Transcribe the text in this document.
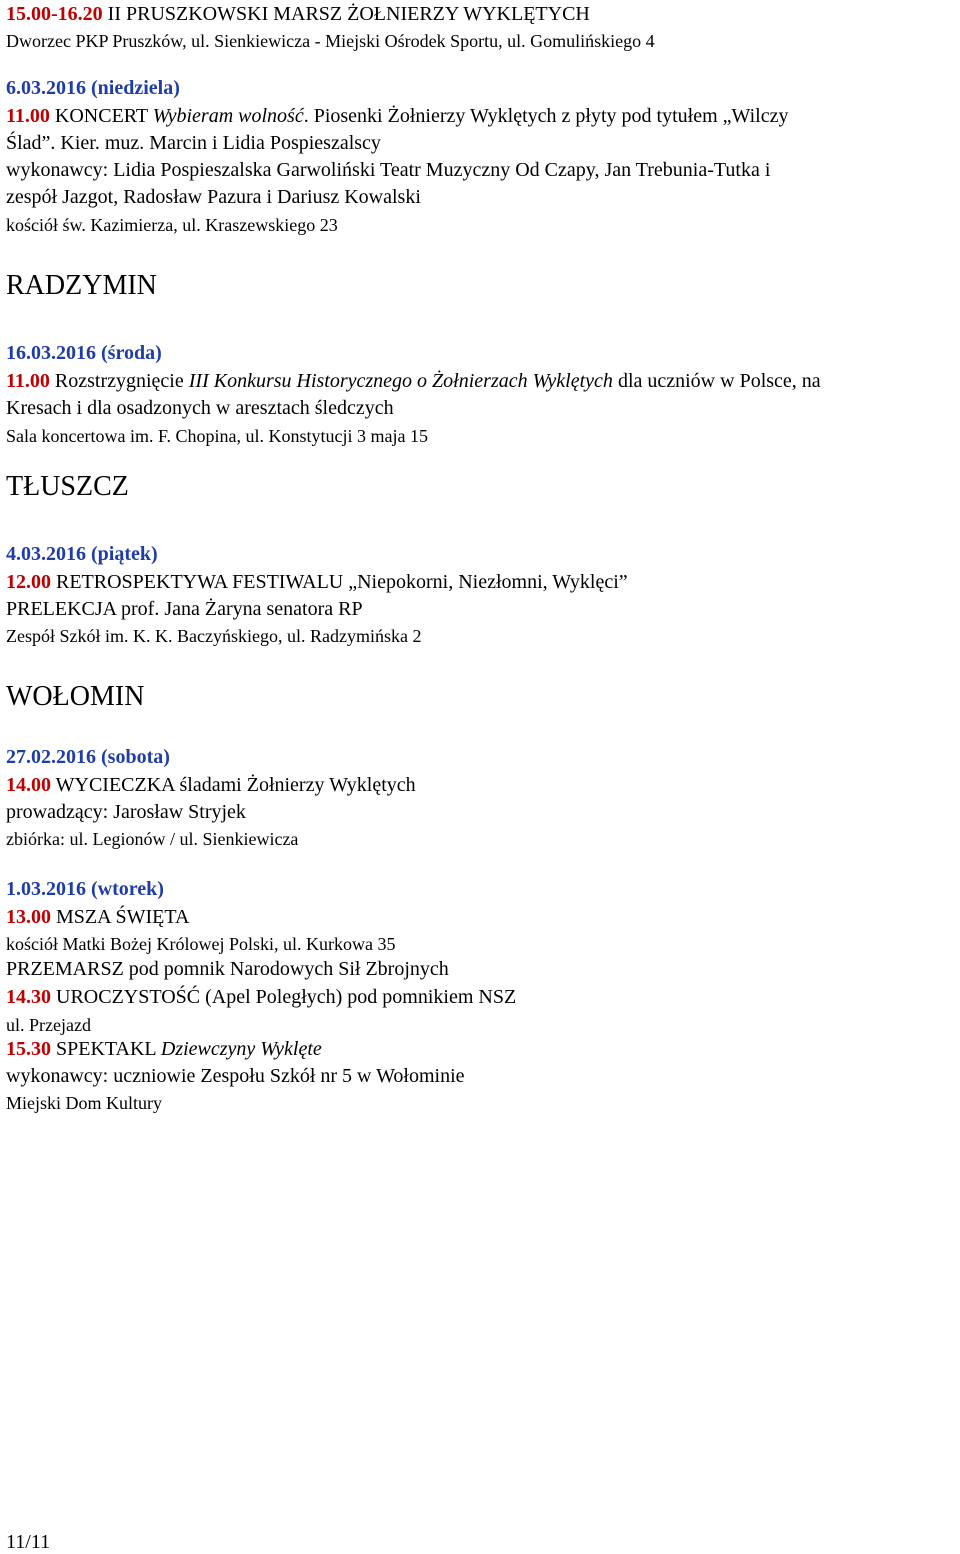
15.00-16.20 II PRUSZKOWSKI MARSZ ŻOŁNIERZY WYKLĘTYCH
Dworzec PKP Pruszków, ul. Sienkiewicza - Miejski Ośrodek Sportu, ul. Gomulińskiego 4
6.03.2016 (niedziela)
11.00 KONCERT Wybieram wolność. Piosenki Żołnierzy Wyklętych z płyty pod tytułem „Wilczy
Ślad”. Kier. muz. Marcin i Lidia Pospieszalscy
wykonawcy: Lidia Pospieszalska Garwoliński Teatr Muzyczny Od Czapy, Jan Trebunia-Tutka i
zespół Jazgot, Radosław Pazura i Dariusz Kowalski
kościół św. Kazimierza, ul. Kraszewskiego 23
RADZYMIN
16.03.2016 (środa)
11.00 Rozstrzygnięcie III Konkursu Historycznego o Żołnierzach Wyklętych dla uczniów w Polsce, na
Kresach i dla osadzonych w aresztach śledczych
Sala koncertowa im. F. Chopina, ul. Konstytucji 3 maja 15
TŁUSZCZ
4.03.2016 (piątek)
12.00 RETROSPEKTYWA FESTIWALU „Niepokorni, Niezłomni, Wyklęci”
PRELEKCJA prof. Jana Żaryna senatora RP
Zespół Szkół im. K. K. Baczyńskiego, ul. Radzymińska 2
WOŁOMIN
27.02.2016 (sobota)
14.00 WYCIECZKA śladami Żołnierzy Wyklętych
prowadzący: Jarosław Stryjek
zbiórka: ul. Legionów / ul. Sienkiewicza
1.03.2016 (wtorek)
13.00 MSZA ŚWIĘTA
kościół Matki Bożej Królowej Polski, ul. Kurkowa 35
PRZEMARSZ pod pomnik Narodowych Sił Zbrojnych
14.30 UROCZYSTOŚĆ (Apel Poległych) pod pomnikiem NSZ
ul. Przejazd
15.30 SPEKTAKL Dziewczyny Wyklęte
wykonawcy: uczniowie Zespołu Szkół nr 5 w Wołominie
Miejski Dom Kultury
11/11
